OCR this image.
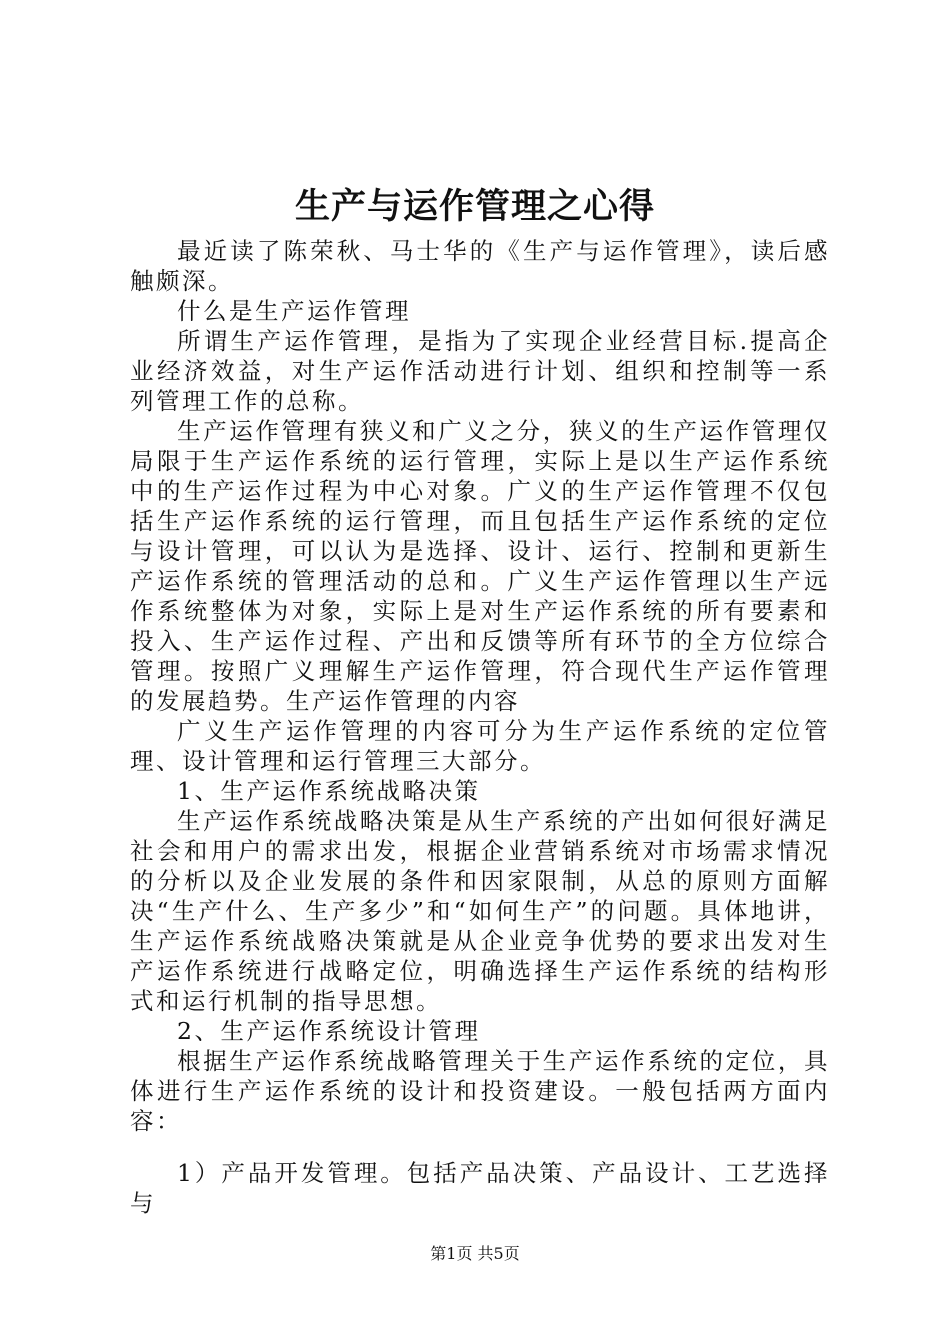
生产与运作管理之心得

最近读了陈荣秋、马士华的《生产与运作管理》，读后感触颇深。

什么是生产运作管理

所谓生产运作管理，是指为了实现企业经营目标.提高企业经济效益，对生产运作活动进行计划、组织和控制等一系列管理工作的总称。

生产运作管理有狭义和广义之分，狭义的生产运作管理仅局限于生产运作系统的运行管理，实际上是以生产运作系统中的生产运作过程为中心对象。广义的生产运作管理不仅包括生产运作系统的运行管理，而且包括生产运作系统的定位与设计管理，可以认为是选择、设计、运行、控制和更新生产运作系统的管理活动的总和。广义生产运作管理以生产远作系统整体为对象，实际上是对生产运作系统的所有要素和投入、生产运作过程、产出和反馈等所有环节的全方位综合管理。按照广义理解生产运作管理，符合现代生产运作管理的发展趋势。生产运作管理的内容

广义生产运作管理的内容可分为生产运作系统的定位管理、设计管理和运行管理三大部分。

1、生产运作系统战略决策

生产运作系统战略决策是从生产系统的产出如何很好满足社会和用户的需求出发，根据企业营销系统对市场需求情况的分析以及企业发展的条件和因家限制，从总的原则方面解决“生产什么、生产多少”和“如何生产”的问题。具体地讲，生产运作系统战赂决策就是从企业竞争优势的要求出发对生产运作系统进行战略定位，明确选择生产运作系统的结构形式和运行机制的指导思想。

2、生产运作系统设计管理

根据生产运作系统战略管理关于生产运作系统的定位，具体进行生产运作系统的设计和投资建设。一般包括两方面内容：

1）产品开发管理。包括产品决策、产品设计、工艺选择与

第1页 共5页
